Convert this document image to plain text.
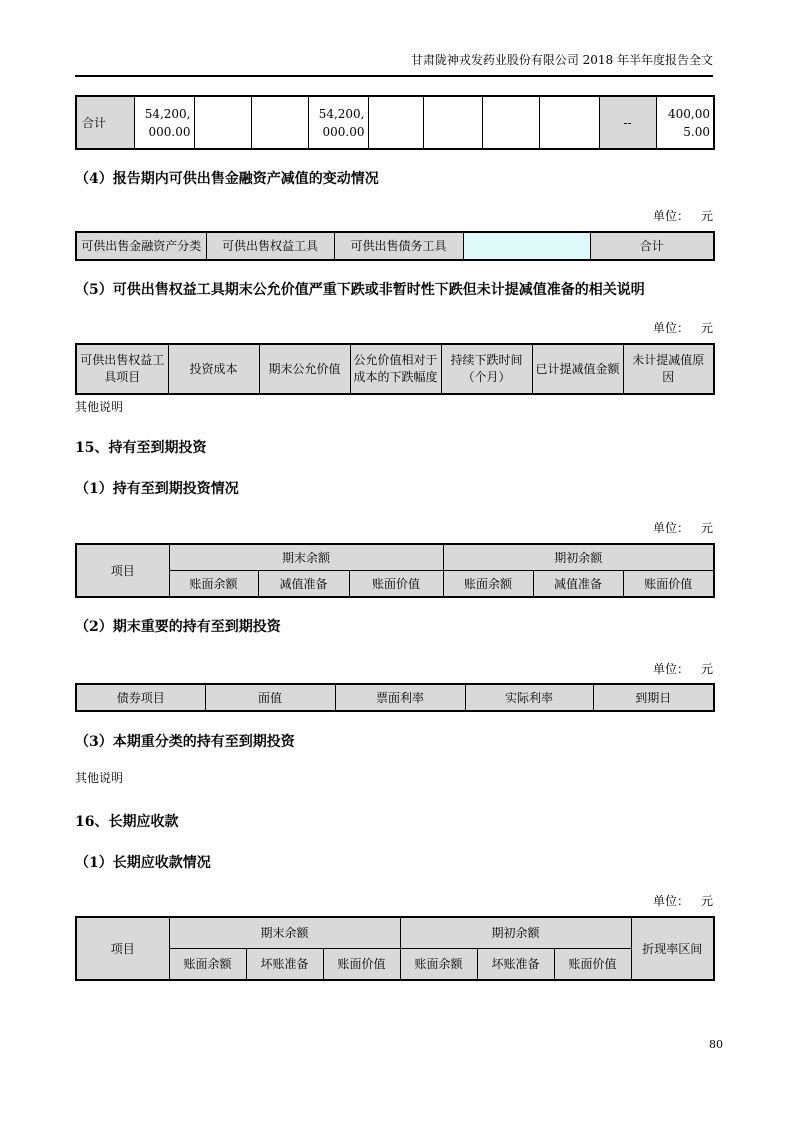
甘肃陇神戎发药业股份有限公司 2018 年半年度报告全文
合计	54,200,000.00			54,200,000.00					--	400,005.00
（4）报告期内可供出售金融资产减值的变动情况
单位： 元
可供出售金融资产分类	可供出售权益工具	可供出售债务工具		合计
（5）可供出售权益工具期末公允价值严重下跌或非暂时性下跌但未计提减值准备的相关说明
单位： 元
可供出售权益工具项目	投资成本	期末公允价值	公允价值相对于成本的下跌幅度	持续下跌时间（个月）	已计提减值金额	未计提减值原因
其他说明
15、持有至到期投资
（1）持有至到期投资情况
单位： 元
项目	期末余额			期初余额		
	账面余额	减值准备	账面价值	账面余额	减值准备	账面价值
（2）期末重要的持有至到期投资
单位： 元
债券项目	面值	票面利率	实际利率	到期日
（3）本期重分类的持有至到期投资
其他说明
16、长期应收款
（1）长期应收款情况
单位： 元
项目	期末余额			期初余额			折现率区间
	账面余额	坏账准备	账面价值	账面余额	坏账准备	账面价值	
80
